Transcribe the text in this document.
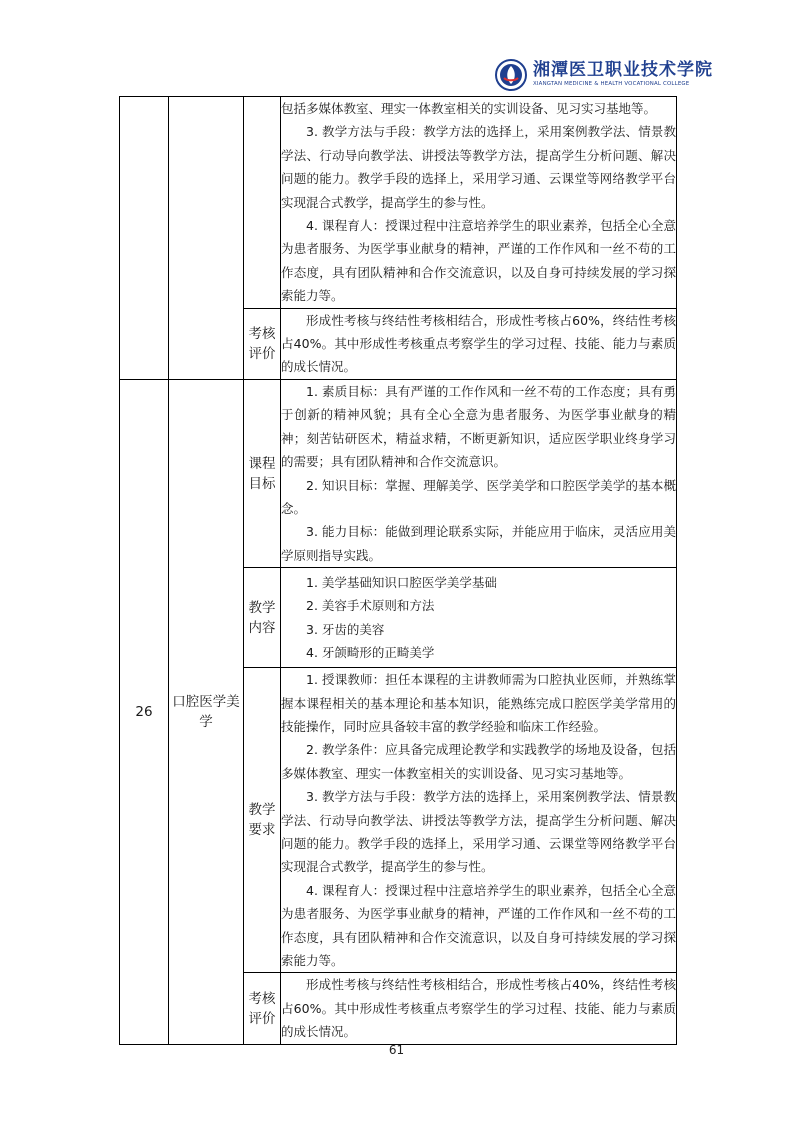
湘潭医卫职业技术学院
XIANGTAN MEDICINE & HEALTH VOCATIONAL COLLEGE

			包括多媒体教室、理实一体教室相关的实训设备、见习实习基地等。

3. 教学方法与手段：教学方法的选择上，采用案例教学法、情景教学法、行动导向教学法、讲授法等教学方法，提高学生分析问题、解决问题的能力。教学手段的选择上，采用学习通、云课堂等网络教学平台实现混合式教学，提高学生的参与性。

4. 课程育人：授课过程中注意培养学生的职业素养，包括全心全意为患者服务、为医学事业献身的精神，严谨的工作作风和一丝不苟的工作态度，具有团队精神和合作交流意识，以及自身可持续发展的学习探索能力等。

		考核评价	形成性考核与终结性考核相结合，形成性考核占60%，终结性考核占40%。其中形成性考核重点考察学生的学习过程、技能、能力与素质的成长情况。

26	口腔医学美学	课程目标	1. 素质目标：具有严谨的工作作风和一丝不苟的工作态度；具有勇于创新的精神风貌；具有全心全意为患者服务、为医学事业献身的精神；刻苦钻研医术，精益求精，不断更新知识，适应医学职业终身学习的需要；具有团队精神和合作交流意识。

2. 知识目标：掌握、理解美学、医学美学和口腔医学美学的基本概念。

3. 能力目标：能做到理论联系实际，并能应用于临床，灵活应用美学原则指导实践。

		教学内容	1. 美学基础知识口腔医学美学基础

2. 美容手术原则和方法

3. 牙齿的美容

4. 牙颌畸形的正畸美学

		教学要求	1. 授课教师：担任本课程的主讲教师需为口腔执业医师，并熟练掌握本课程相关的基本理论和基本知识，能熟练完成口腔医学美学常用的技能操作，同时应具备较丰富的教学经验和临床工作经验。

2. 教学条件：应具备完成理论教学和实践教学的场地及设备，包括多媒体教室、理实一体教室相关的实训设备、见习实习基地等。

3. 教学方法与手段：教学方法的选择上，采用案例教学法、情景教学法、行动导向教学法、讲授法等教学方法，提高学生分析问题、解决问题的能力。教学手段的选择上，采用学习通、云课堂等网络教学平台实现混合式教学，提高学生的参与性。

4. 课程育人：授课过程中注意培养学生的职业素养，包括全心全意为患者服务、为医学事业献身的精神，严谨的工作作风和一丝不苟的工作态度，具有团队精神和合作交流意识，以及自身可持续发展的学习探索能力等。

		考核评价	形成性考核与终结性考核相结合，形成性考核占40%，终结性考核占60%。其中形成性考核重点考察学生的学习过程、技能、能力与素质的成长情况。

61
